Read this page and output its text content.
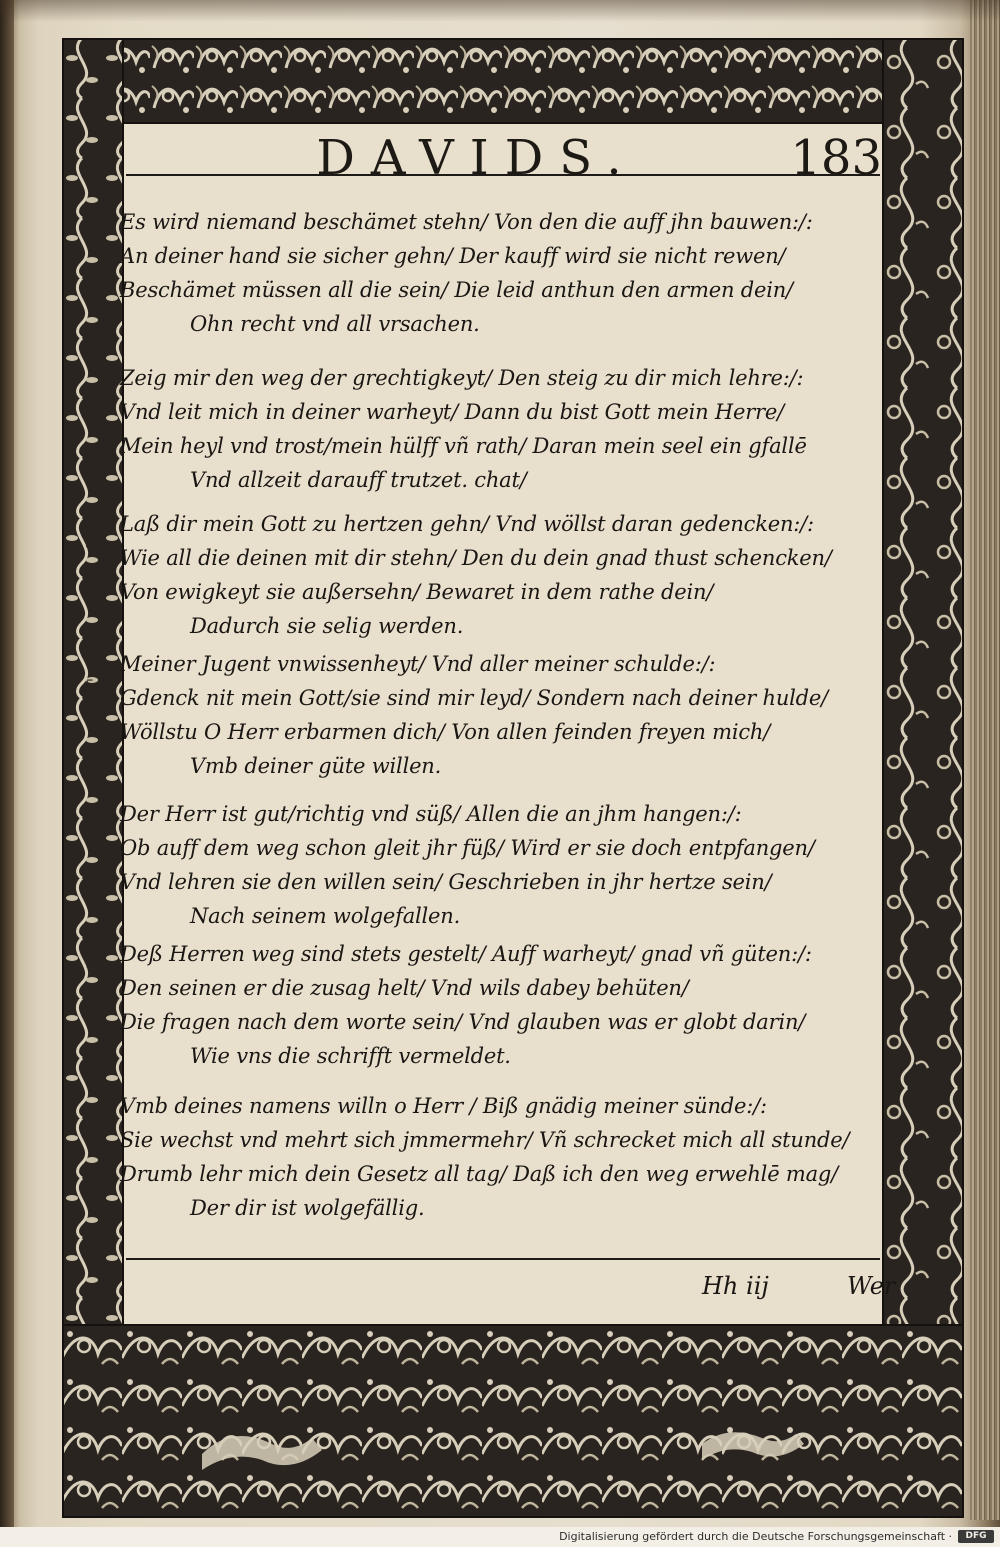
DAVIDS.	183
2	Es wird niemand beschämet stehn/ Von den die auff jhn bauwen:/:
An deiner hand sie sicher gehn/ Der kauff wird sie nicht rewen/
Beschämet müssen all die sein/ Die leid anthun den armen dein/
Ohn recht vnd all vrsachen.
3	Zeig mir den weg der grechtigkeyt/ Den steig zu dir mich lehre:/:
Vnd leit mich in deiner warheyt/ Dann du bist Gott mein Herre/
Mein heyl vnd trost/mein hülff vñ rath/ Daran mein seel ein gfallē
Vnd allzeit darauff trutzet. chat/
4
Laß dir mein Gott zu hertzen gehn/ Vnd wöllst daran gedencken:/:
Wie all die deinen mit dir stehn/ Den du dein gnad thust schencken/
Von ewigkeyt sie außersehn/ Bewaret in dem rathe dein/
Dadurch sie selig werden.
5
Meiner Jugent vnwissenheyt/ Vnd aller meiner schulde:/:
Gdenck nit mein Gott/sie sind mir leyd/ Sondern nach deiner hulde/
Wöllstu O Herr erbarmen dich/ Von allen feinden freyen mich/
Vmb deiner güte willen.
6
Der Herr ist gut/richtig vnd süß/ Allen die an jhm hangen:/:
Ob auff dem weg schon gleit jhr füß/ Wird er sie doch entpfangen/
Vnd lehren sie den willen sein/ Geschrieben in jhr hertze sein/
Nach seinem wolgefallen.
7
Deß Herren weg sind stets gestelt/ Auff warheyt/ gnad vñ güten:/:
Den seinen er die zusag helt/ Vnd wils dabey behüten/
Die fragen nach dem worte sein/ Vnd glauben was er globt darin/
Wie vns die schrifft vermeldet.
8
Vmb deines namens willn o Herr / Biß gnädig meiner sünde:/:
Sie wechst vnd mehrt sich jmmermehr/ Vñ schrecket mich all stunde/
Drumb lehr mich dein Gesetz all tag/ Daß ich den weg erwehlē mag/
Der dir ist wolgefällig.
Hh iij	Wer
Digitalisierung gefördert durch die Deutsche Forschungsgemeinschaft ·	DFG
